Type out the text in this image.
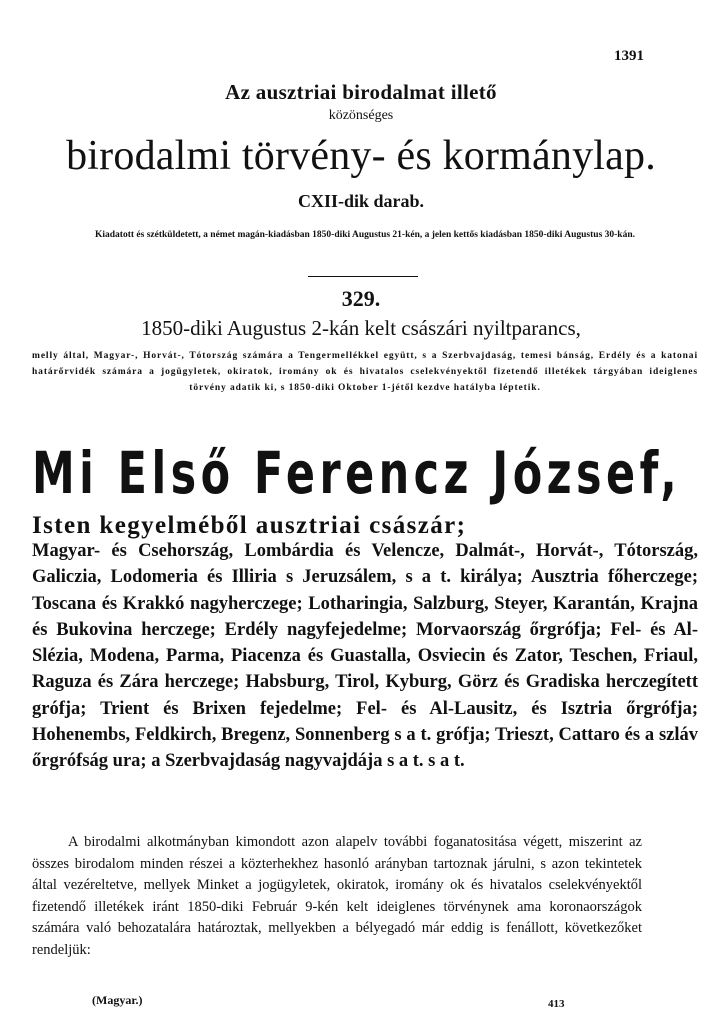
1391
Az ausztriai birodalmat illető
közönséges
birodalmi törvény- és kormánylap.
CXII-dik darab.
Kiadatott és szétküldetett, a német magán-kiadásban 1850-diki Augustus 21-kén, a jelen kettős kiadásban 1850-diki Augustus 30-kán.
329.
1850-diki Augustus 2-kán kelt császári nyiltparancs,
melly által, Magyar-, Horvát-, Tótország számára a Tengermellékkel együtt, s a Szerbvajdaság, temesi bánság, Erdély és a katonai határőrvidék számára a jogügyletek, okiratok, iromány ok és hivatalos cselekvényektől fizetendő illetékek tárgyában ideiglenes törvény adatik ki, s 1850-diki Oktober 1-jétől kezdve hatályba léptetik.
Mi Első Ferencz József,
Isten kegyelméből ausztriai császár;
Magyar- és Csehország, Lombárdia és Velencze, Dalmát-, Horvát-, Tótország, Galiczia, Lodomeria és Illiria s Jeruzsálem, s a t. királya; Ausztria főherczege; Toscana és Krakkó nagyherczege; Lotharingia, Salzburg, Steyer, Karantán, Krajna és Bukovina herczege; Erdély nagyfejedelme; Morvaország őrgrófja; Fel- és Al-Slézia, Modena, Parma, Piacenza és Guastalla, Osviecin és Zator, Teschen, Friaul, Raguza és Zára herczege; Habsburg, Tirol, Kyburg, Görz és Gradiska herczegített grófja; Trient és Brixen fejedelme; Fel- és Al-Lausitz, és Isztria őrgrófja; Hohenembs, Feldkirch, Bregenz, Sonnenberg s a t. grófja; Trieszt, Cattaro és a szláv őrgrófság ura; a Szerbvajdaság nagyvajdája s a t. s a t.
A birodalmi alkotmányban kimondott azon alapelv további foganatositása végett, miszerint az összes birodalom minden részei a közterhekhez hasonló arányban tartoznak járulni, s azon tekintetek által vezéreltetve, mellyek Minket a jogügyletek, okiratok, iromány ok és hivatalos cselekvényektől fizetendő illetékek iránt 1850-diki Február 9-kén kelt ideiglenes törvénynek ama koronaországok számára való behozatalára határoztak, mellyekben a bélyegadó már eddig is fenállott, következőket rendeljük:
(Magyar.)	413
